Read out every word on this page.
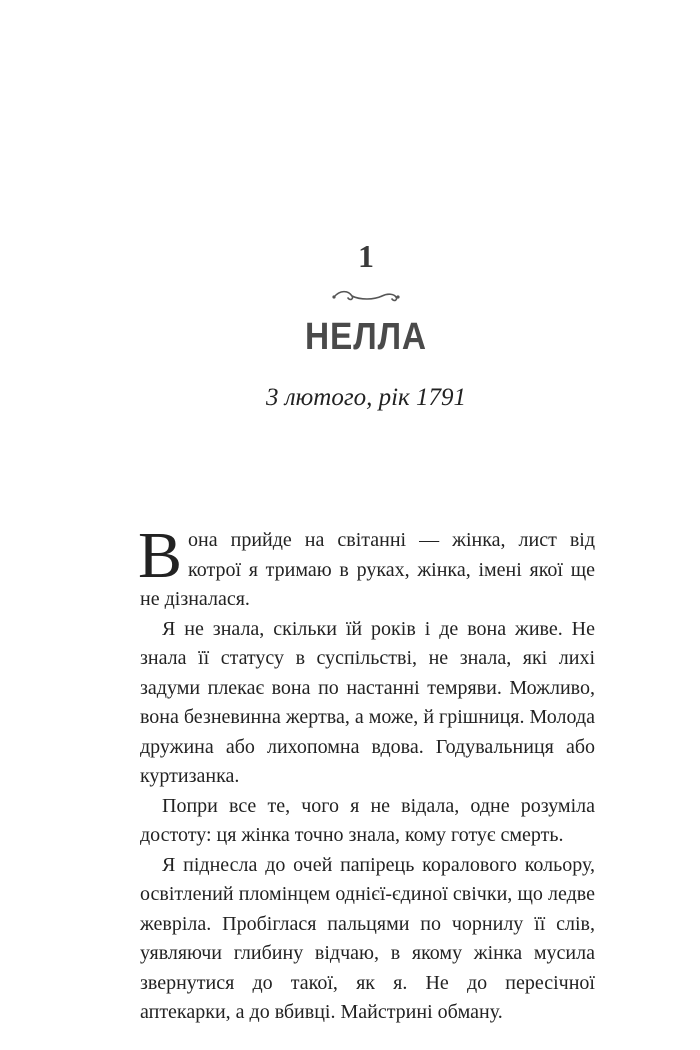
1
НЕЛЛА
3 лютого, рік 1791

Вона прийде на світанні — жінка, лист від котрої я тримаю в руках, жінка, імені якої ще не дізналася.

Я не знала, скільки їй років і де вона живе. Не знала її статусу в суспільстві, не знала, які лихі задуми плекає вона по настанні темряви. Можливо, вона безневинна жертва, а може, й грішниця. Молода дружина або лихопомна вдова. Годувальниця або куртизанка.

Попри все те, чого я не відала, одне розуміла достоту: ця жінка точно знала, кому готує смерть.

Я піднесла до очей папірець коралового кольору, освітлений пломінцем однієї-єдиної свічки, що ледве жевріла. Пробіглася пальцями по чорнилу її слів, уявляючи глибину відчаю, в якому жінка мусила звернутися до такої, як я. Не до пересічної аптекарки, а до вбивці. Майстрині обману.
